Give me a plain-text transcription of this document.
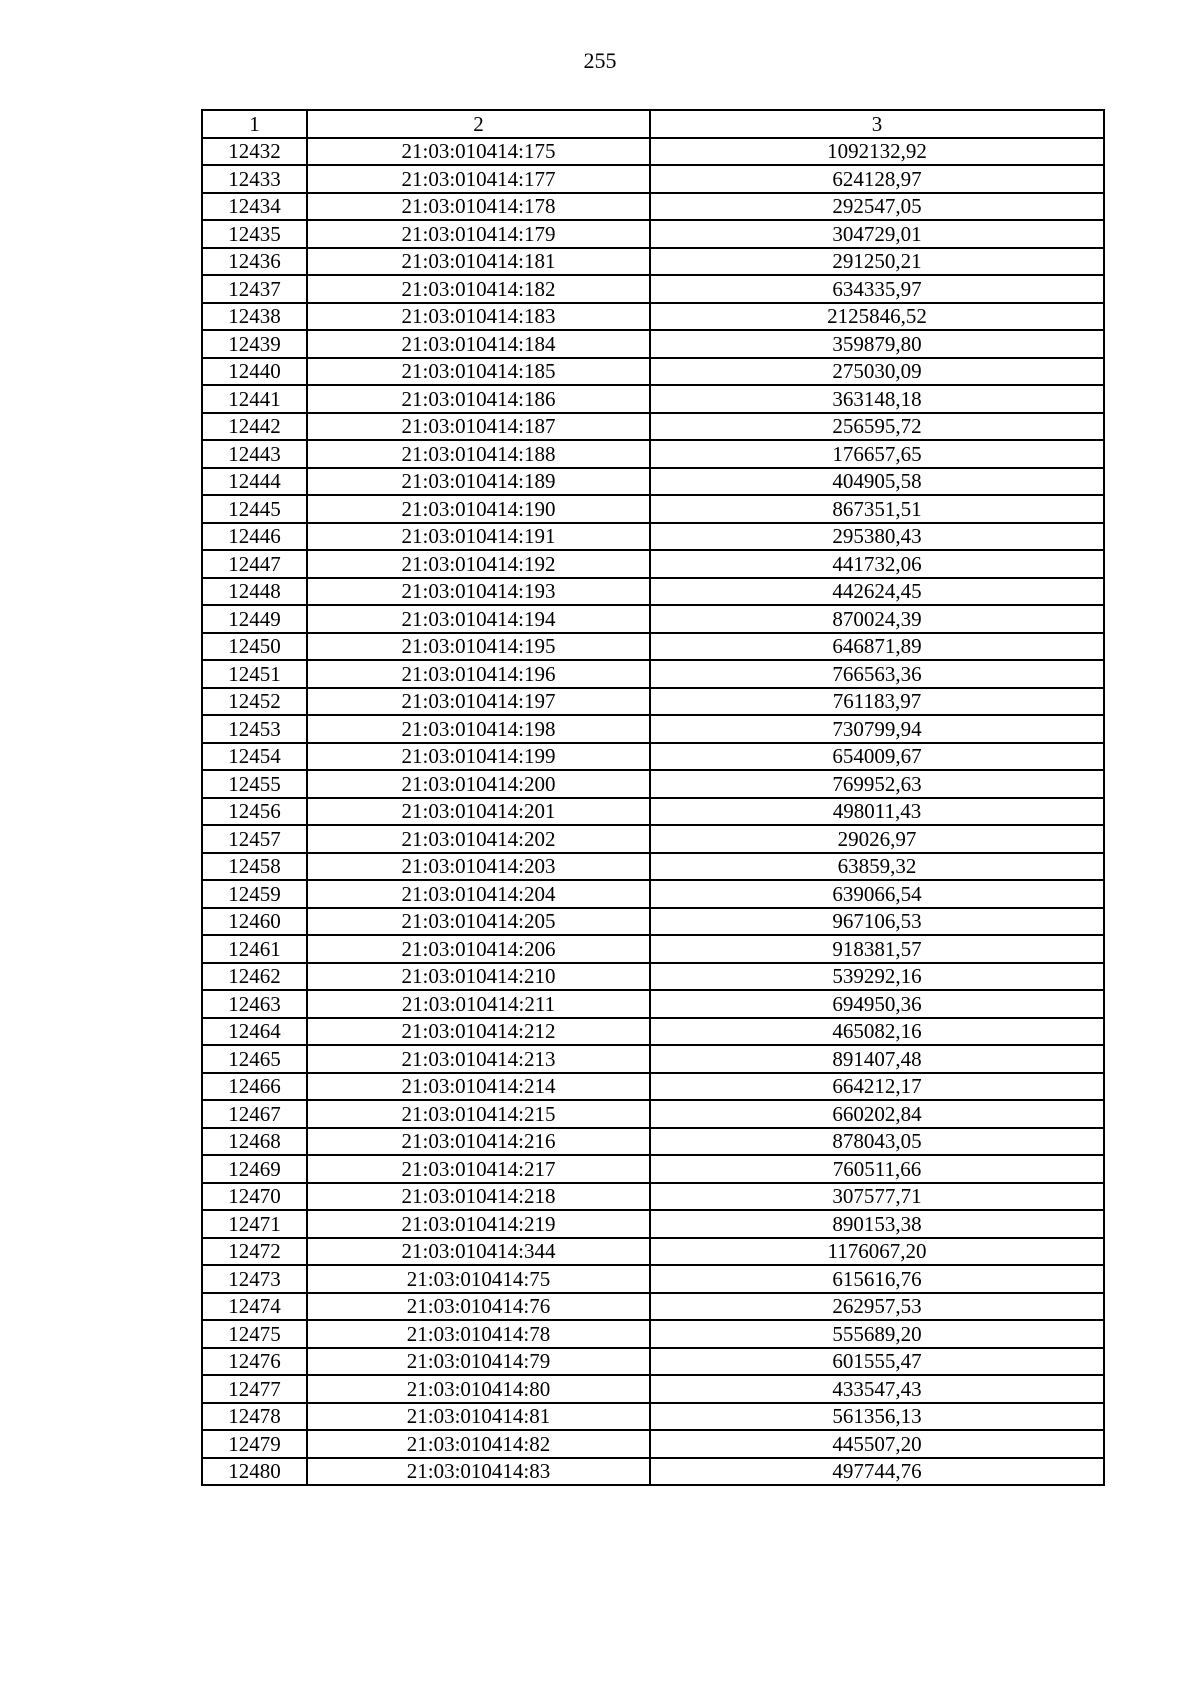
255
1	2	3
12432	21:03:010414:175	1092132,92
12433	21:03:010414:177	624128,97
12434	21:03:010414:178	292547,05
12435	21:03:010414:179	304729,01
12436	21:03:010414:181	291250,21
12437	21:03:010414:182	634335,97
12438	21:03:010414:183	2125846,52
12439	21:03:010414:184	359879,80
12440	21:03:010414:185	275030,09
12441	21:03:010414:186	363148,18
12442	21:03:010414:187	256595,72
12443	21:03:010414:188	176657,65
12444	21:03:010414:189	404905,58
12445	21:03:010414:190	867351,51
12446	21:03:010414:191	295380,43
12447	21:03:010414:192	441732,06
12448	21:03:010414:193	442624,45
12449	21:03:010414:194	870024,39
12450	21:03:010414:195	646871,89
12451	21:03:010414:196	766563,36
12452	21:03:010414:197	761183,97
12453	21:03:010414:198	730799,94
12454	21:03:010414:199	654009,67
12455	21:03:010414:200	769952,63
12456	21:03:010414:201	498011,43
12457	21:03:010414:202	29026,97
12458	21:03:010414:203	63859,32
12459	21:03:010414:204	639066,54
12460	21:03:010414:205	967106,53
12461	21:03:010414:206	918381,57
12462	21:03:010414:210	539292,16
12463	21:03:010414:211	694950,36
12464	21:03:010414:212	465082,16
12465	21:03:010414:213	891407,48
12466	21:03:010414:214	664212,17
12467	21:03:010414:215	660202,84
12468	21:03:010414:216	878043,05
12469	21:03:010414:217	760511,66
12470	21:03:010414:218	307577,71
12471	21:03:010414:219	890153,38
12472	21:03:010414:344	1176067,20
12473	21:03:010414:75	615616,76
12474	21:03:010414:76	262957,53
12475	21:03:010414:78	555689,20
12476	21:03:010414:79	601555,47
12477	21:03:010414:80	433547,43
12478	21:03:010414:81	561356,13
12479	21:03:010414:82	445507,20
12480	21:03:010414:83	497744,76
